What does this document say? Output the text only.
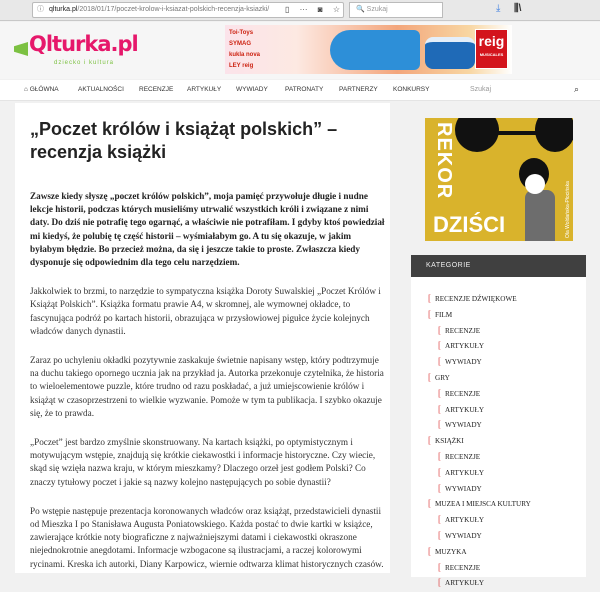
ⓘ qlturka.pl/2018/01/17/poczet-krolow-i-ksiazat-polskich-recenzja-ksiazki/	▯ ··· ◙ ☆	🔍 Szukaj	⤓ ⫼\
Qlturka.pl
dziecko i kultura
Toi-Toys
SYMAG
kukla nova
LEY reig
reig
MUSICALES
⌂ GŁÓWNA	AKTUALNOŚCI RECENZJE ARTYKUŁY WYWIADY	PATRONATY PARTNERZY KONKURSY	Szukaj	⌕
„Poczet królów i książąt polskich” – recenzja książki

Zawsze kiedy słyszę „poczet królów polskich”, moja pamięć przywołuje długie i nudne lekcje historii, podczas których musieliśmy utrwalić wszystkich króli i związane z nimi daty. Do dziś nie potrafię tego ogarnąć, a właściwie nie potrafiłam. I gdyby ktoś powiedział mi kiedyś, że polubię tę część historii – wyśmiałabym go. A tu się okazuje, w jakim byłabym błędzie. Bo przecież można, da się i jeszcze takie to proste. Zwłaszcza kiedy dysponuje się odpowiednim dla tego celu narzędziem.

Jakkolwiek to brzmi, to narzędzie to sympatyczna książka Doroty Suwalskiej „Poczet Królów i Książąt Polskich”. Książka formatu prawie A4, w skromnej, ale wymownej okładce, to fascynująca podróż po kartach historii, obrazująca w przysłowiowej pigułce życie kolejnych władców danych dynastii.

Zaraz po uchyleniu okładki pozytywnie zaskakuje świetnie napisany wstęp, który podtrzymuje na duchu takiego opornego ucznia jak na przykład ja. Autorka przekonuje czytelnika, że historia to wieloelementowe puzzle, które trudno od razu poskładać, a już umiejscowienie królów i książąt w czasoprzestrzeni to wielkie wyzwanie. Pomoże w tym ta publikacja. I szybko okazuje się, że to prawda.

„Poczet” jest bardzo zmyślnie skonstruowany. Na kartach książki, po optymistycznym i motywującym wstępie, znajdują się krótkie ciekawostki i informacje historyczne. Czy wiecie, skąd się wzięła nazwa kraju, w którym mieszkamy? Dlaczego orzeł jest godłem Polski? Co znaczy tytułowy poczet i jakie są nazwy kolejno następujących po sobie dynastii?

Po wstępie następuje prezentacja koronowanych władców oraz książąt, przedstawicieli dynastii od Mieszka I po Stanisława Augusta Poniatowskiego. Każda postać to dwie kartki w książce, zawierające krótkie noty biograficzne z najważniejszymi datami i ciekawostki okraszone niejednokrotnie anegdotami. Informacje wzbogacone są ilustracjami, a raczej kolorowymi rycinami. Kreska ich autorki, Diany Karpowicz, wiernie odtwarza klimat historycznych czasów.

REKOR
DZIŚCI	Ola Woldańska-Płocińska
KATEGORIE
[ RECENZJE DŹWIĘKOWE
[ FILM
[ RECENZJE
[ ARTYKUŁY
[ WYWIADY
[ GRY
[ RECENZJE
[ ARTYKUŁY
[ WYWIADY
[ KSIĄŻKI
[ RECENZJE
[ ARTYKUŁY
[ WYWIADY
[ MUZEA I MIEJSCA KULTURY
[ ARTYKUŁY
[ WYWIADY
[ MUZYKA
[ RECENZJE
[ ARTYKUŁY
